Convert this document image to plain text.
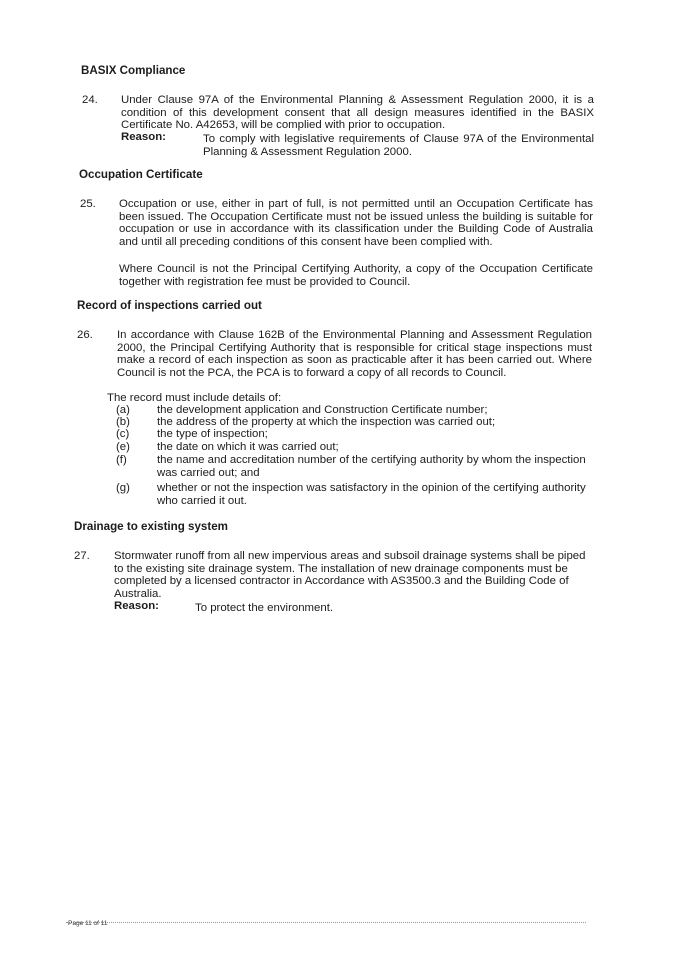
BASIX Compliance
24.	Under Clause 97A of the Environmental Planning & Assessment Regulation 2000, it is a condition of this development consent that all design measures identified in the BASIX Certificate No. A42653, will be complied with prior to occupation.
Reason:	To comply with legislative requirements of Clause 97A of the Environmental Planning & Assessment Regulation 2000.
Occupation Certificate
25.	Occupation or use, either in part of full, is not permitted until an Occupation Certificate has been issued. The Occupation Certificate must not be issued unless the building is suitable for occupation or use in accordance with its classification under the Building Code of Australia and until all preceding conditions of this consent have been complied with.
Where Council is not the Principal Certifying Authority, a copy of the Occupation Certificate together with registration fee must be provided to Council.
Record of inspections carried out
26.	In accordance with Clause 162B of the Environmental Planning and Assessment Regulation 2000, the Principal Certifying Authority that is responsible for critical stage inspections must make a record of each inspection as soon as practicable after it has been carried out. Where Council is not the PCA, the PCA is to forward a copy of all records to Council.
The record must include details of:
(a) the development application and Construction Certificate number;
(b) the address of the property at which the inspection was carried out;
(c) the type of inspection;
(e) the date on which it was carried out;
(f)	the name and accreditation number of the certifying authority by whom the inspection was carried out; and
(g) whether or not the inspection was satisfactory in the opinion of the certifying authority who carried it out.
Drainage to existing system
27.	Stormwater runoff from all new impervious areas and subsoil drainage systems shall be piped to the existing site drainage system. The installation of new drainage components must be completed by a licensed contractor in Accordance with AS3500.3 and the Building Code of Australia.
Reason:	To protect the environment.
Page 11 of 11
